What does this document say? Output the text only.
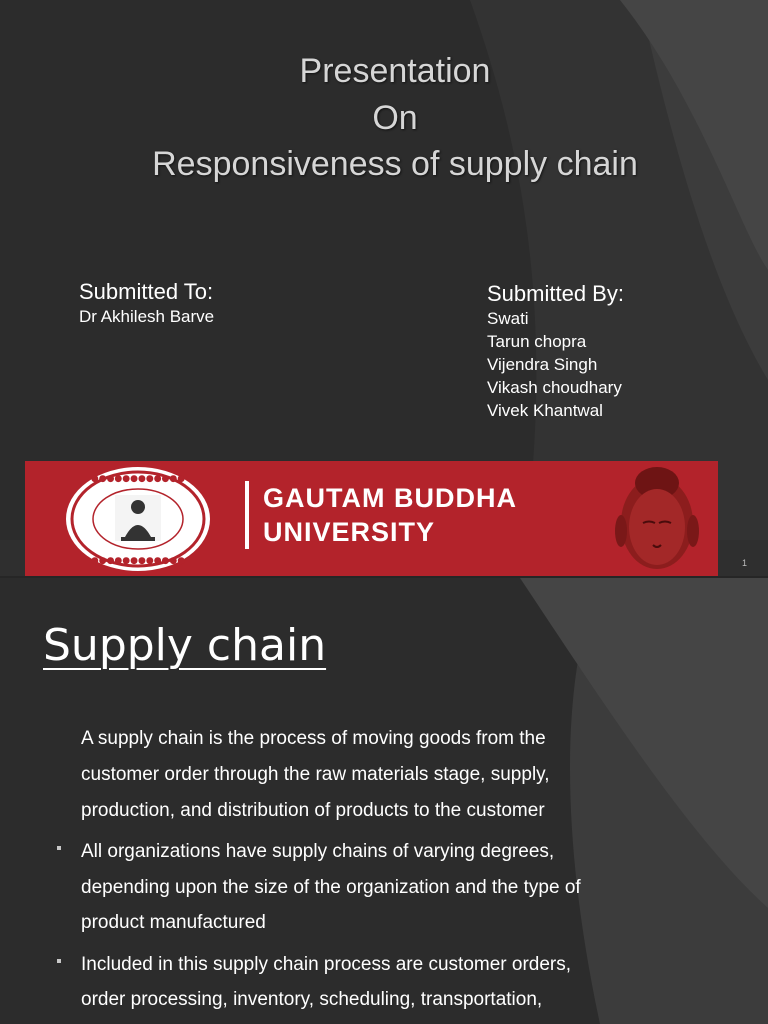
Presentation
On
Responsiveness of supply chain
Submitted To:
Dr Akhilesh Barve
Submitted By:
Swati
Tarun chopra
Vijendra Singh
Vikash choudhary
Vivek Khantwal
●●●●●●●●●●●●
●●●●●●●●●●●●
GAUTAM BUDDHA
UNIVERSITY
1
Supply chain
A supply chain is the process of moving goods from the
customer order through the raw materials stage, supply,
production, and distribution of products to the customer
All organizations have supply chains of varying degrees,
depending upon the size of the organization and the type of
product manufactured
Included in this supply chain process are customer orders,
order processing, inventory, scheduling, transportation,
